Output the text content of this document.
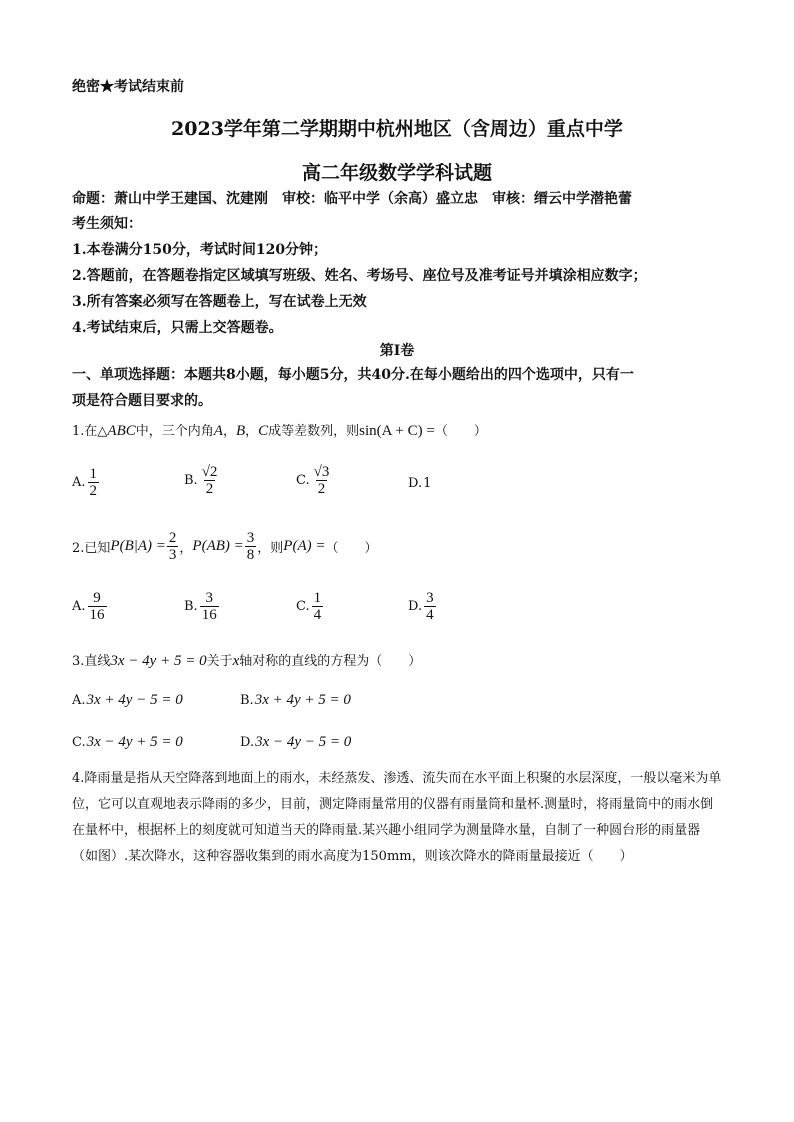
绝密★考试结束前
2023学年第二学期期中杭州地区（含周边）重点中学
高二年级数学学科试题
命题：萧山中学王建国、沈建刚　审校：临平中学（余高）盛立忠　审核：缙云中学潜艳蕾
考生须知：
1.本卷满分150分，考试时间120分钟；
2.答题前，在答题卷指定区域填写班级、姓名、考场号、座位号及准考证号并填涂相应数字；
3.所有答案必须写在答题卷上，写在试卷上无效
4.考试结束后，只需上交答题卷。
第Ⅰ卷
一、单项选择题：本题共8小题，每小题5分，共40分.在每小题给出的四个选项中，只有一
项是符合题目要求的。
1.在△ABC中，三个内角A，B，C成等差数列，则sin(A + C) =（　　）
A. $\frac{1}{2}$	B. $\frac{√2}{2}$	C. $\frac{√3}{2}$	D. 1
2.已知 $P(B|A) = \frac{2}{3}$ ， $P(AB) = \frac{3}{8}$ ，则 P(A) = （　　）
A. $\frac{9}{16}$	B. $\frac{3}{16}$	C. $\frac{1}{4}$	D. $\frac{3}{4}$
3.直线3x − 4y + 5 = 0关于x轴对称的直线的方程为（　　）
A. 3x + 4y − 5 = 0	B. 3x + 4y + 5 = 0
C. 3x − 4y + 5 = 0	D. 3x − 4y − 5 = 0
4.降雨量是指从天空降落到地面上的雨水，未经蒸发、渗透、流失而在水平面上积聚的水层深度，一般以毫米为单位，它可以直观地表示降雨的多少，目前，测定降雨量常用的仪器有雨量筒和量杯.测量时，将雨量筒中的雨水倒在量杯中，根据杯上的刻度就可知道当天的降雨量.某兴趣小组同学为测量降水量，自制了一种圆台形的雨量器（如图）.某次降水，这种容器收集到的雨水高度为150mm，则该次降水的降雨量最接近（　　）
